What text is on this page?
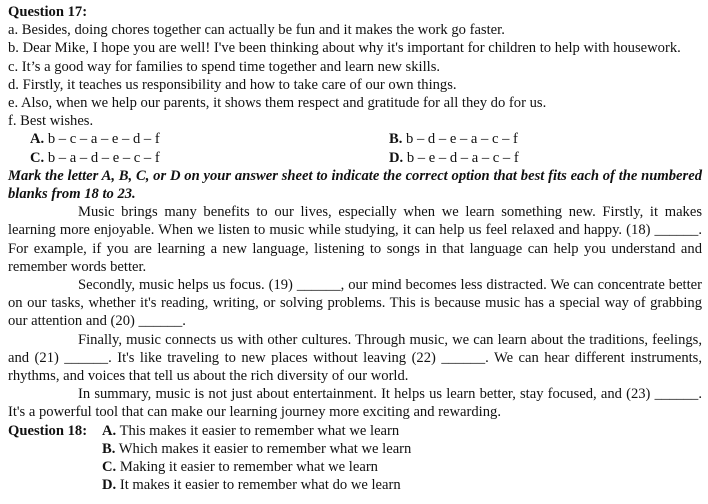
Question 17:
a. Besides, doing chores together can actually be fun and it makes the work go faster.
b. Dear Mike, I hope you are well! I've been thinking about why it's important for children to help with housework.
c. It’s a good way for families to spend time together and learn new skills.
d. Firstly, it teaches us responsibility and how to take care of our own things.
e. Also, when we help our parents, it shows them respect and gratitude for all they do for us.
f. Best wishes.
A. b – c – a – e – d – f	B. b – d – e – a – c – f
C. b – a – d – e – c – f	D. b – e – d – a – c – f
Mark the letter A, B, C, or D on your answer sheet to indicate the correct option that best fits each of the numbered blanks from 18 to 23.
Music brings many benefits to our lives, especially when we learn something new. Firstly, it makes learning more enjoyable. When we listen to music while studying, it can help us feel relaxed and happy. (18) ______. For example, if you are learning a new language, listening to songs in that language can help you understand and remember words better.
Secondly, music helps us focus. (19) ______, our mind becomes less distracted. We can concentrate better on our tasks, whether it's reading, writing, or solving problems. This is because music has a special way of grabbing our attention and (20) ______.
Finally, music connects us with other cultures. Through music, we can learn about the traditions, feelings, and (21) ______. It's like traveling to new places without leaving (22) ______. We can hear different instruments, rhythms, and voices that tell us about the rich diversity of our world.
In summary, music is not just about entertainment. It helps us learn better, stay focused, and (23) ______. It's a powerful tool that can make our learning journey more exciting and rewarding.
Question 18:	A. This makes it easier to remember what we learn
B. Which makes it easier to remember what we learn
C. Making it easier to remember what we learn
D. It makes it easier to remember what do we learn
